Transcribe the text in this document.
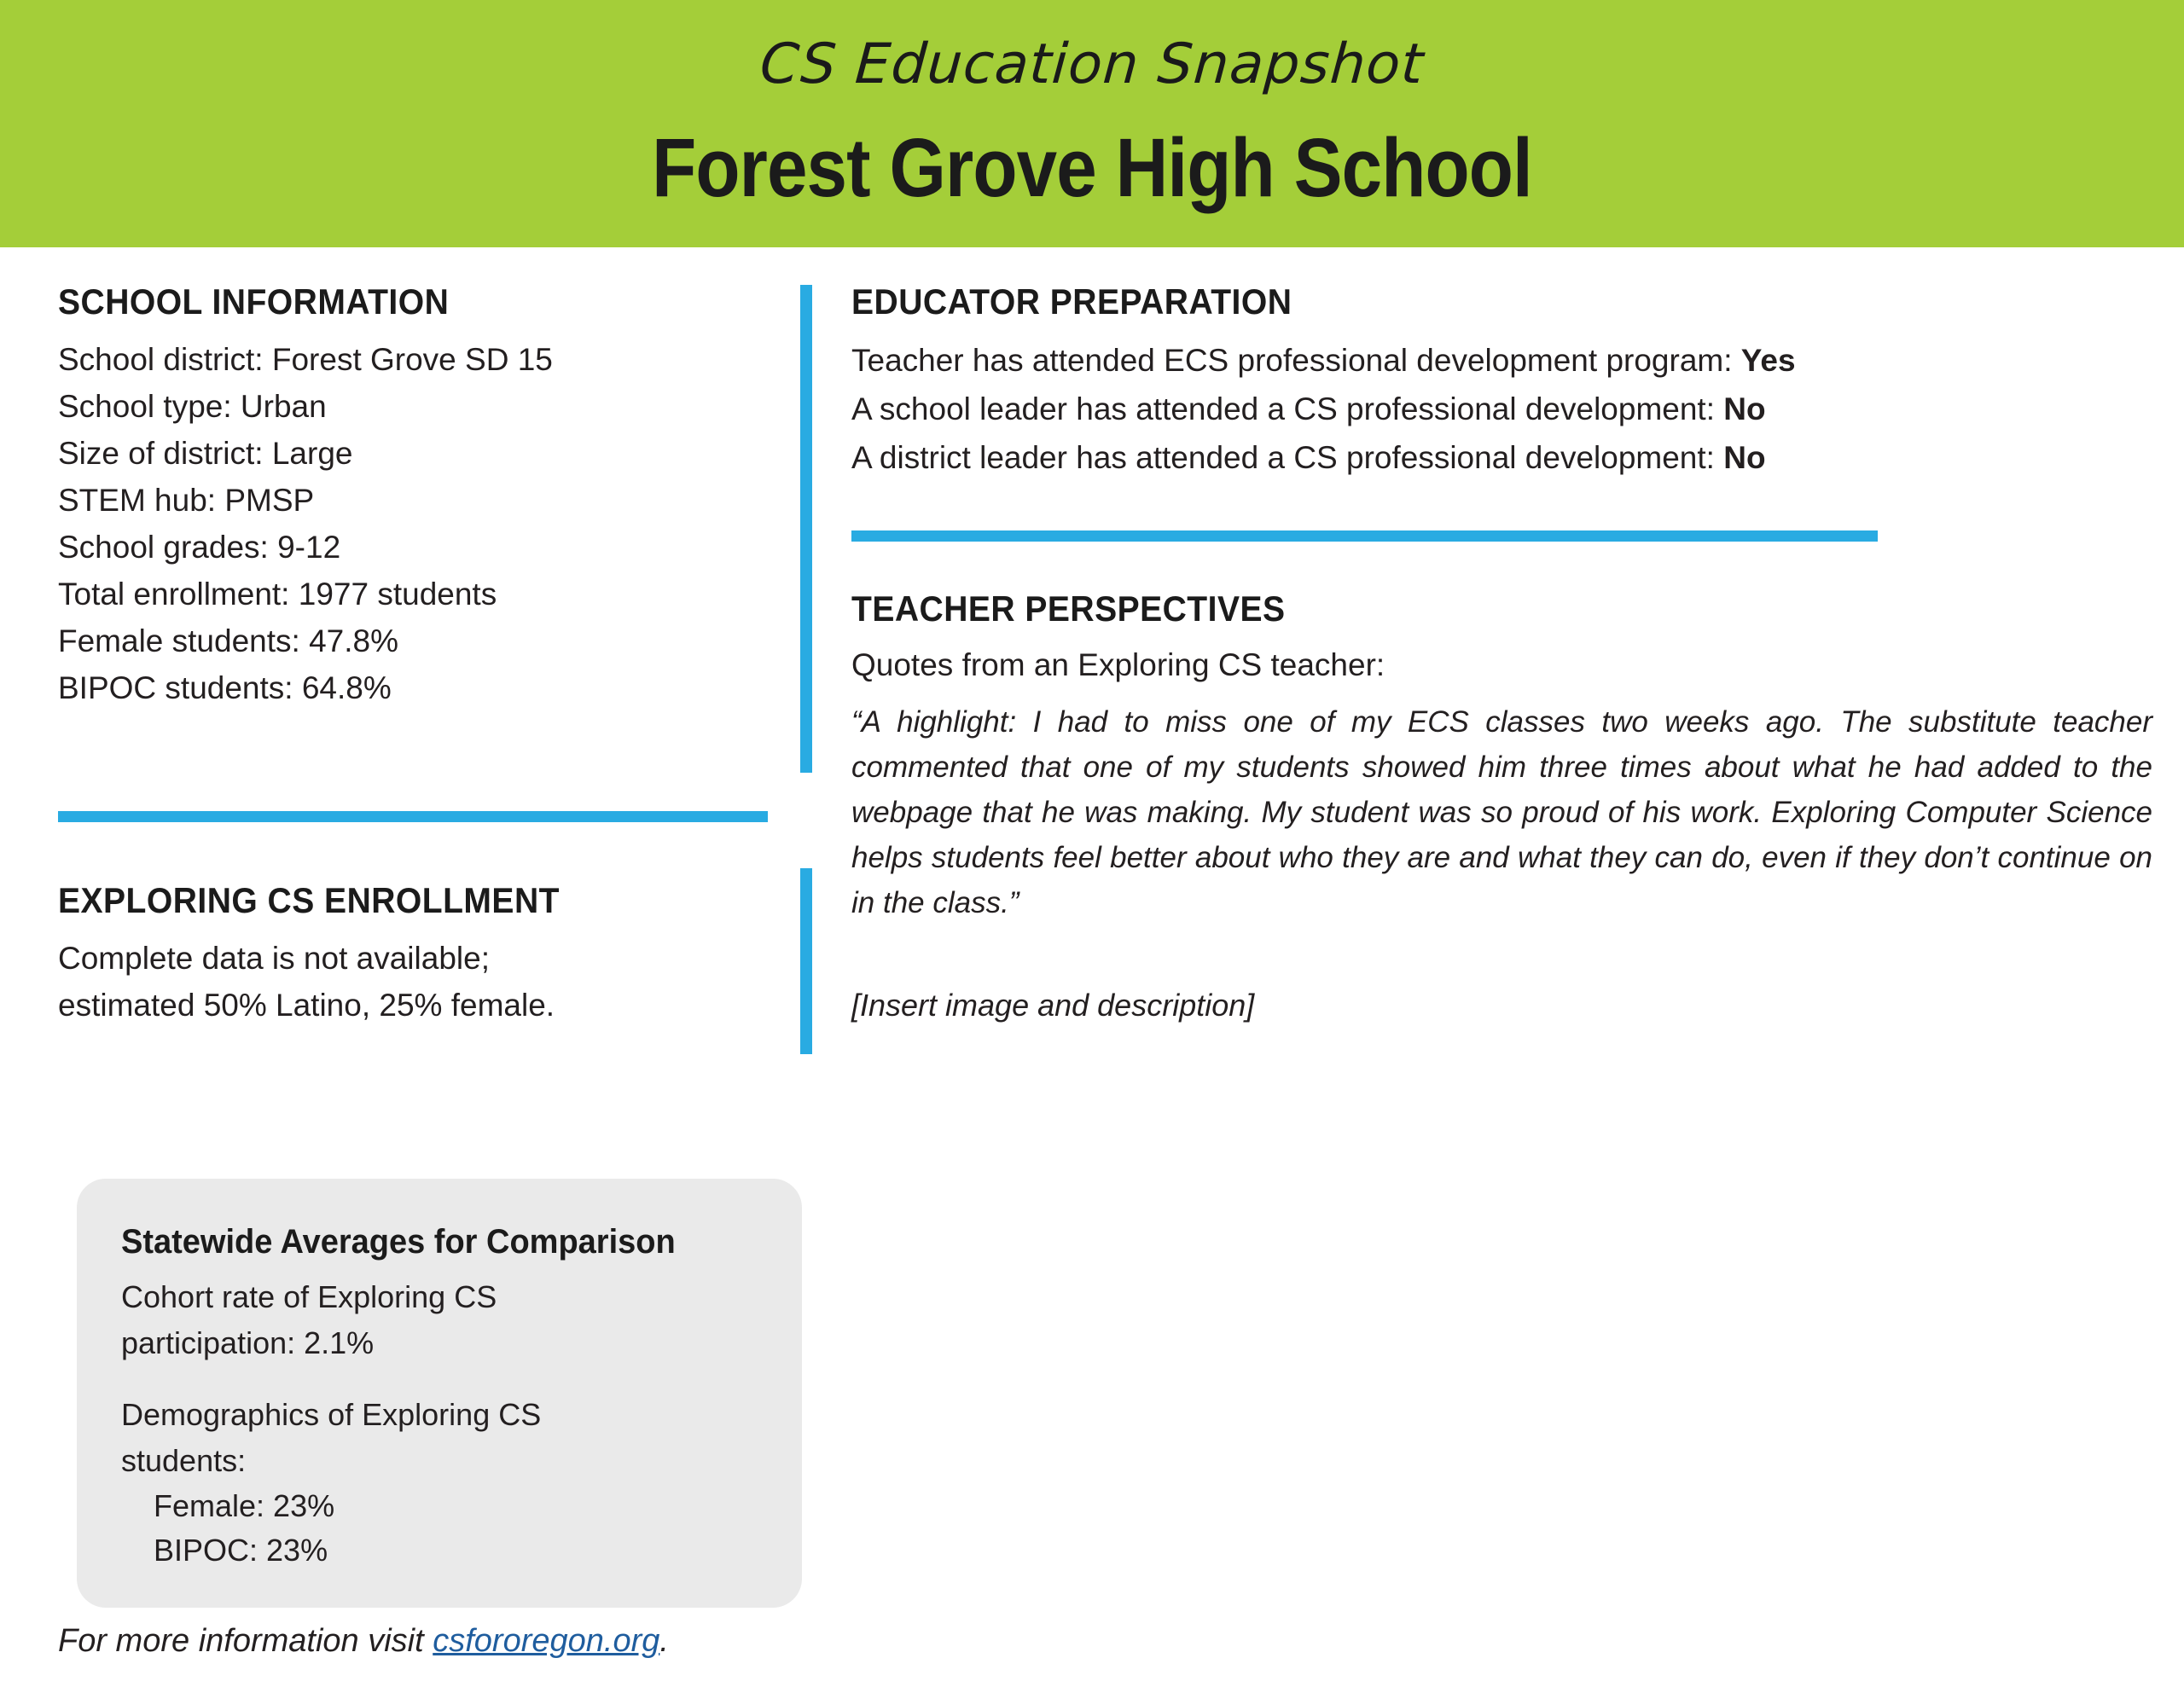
CS Education Snapshot
Forest Grove High School
SCHOOL INFORMATION
School district: Forest Grove SD 15
School type: Urban
Size of district: Large
STEM hub: PMSP
School grades: 9-12
Total enrollment: 1977 students
Female students: 47.8%
BIPOC students: 64.8%
EXPLORING CS ENROLLMENT
Complete data is not available;
estimated 50% Latino, 25% female.
Statewide Averages for Comparison
Cohort rate of Exploring CS
participation: 2.1%
Demographics of Exploring CS
students:
Female: 23%
BIPOC: 23%
For more information visit csfororegon.org.
EDUCATOR PREPARATION
Teacher has attended ECS professional development program: Yes
A school leader has attended a CS professional development: No
A district leader has attended a CS professional development: No
TEACHER PERSPECTIVES
Quotes from an Exploring CS teacher:

“A highlight: I had to miss one of my ECS classes two weeks ago. The substitute teacher commented that one of my students showed him three times about what he had added to the webpage that he was making. My student was so proud of his work. Exploring Computer Science helps students feel better about who they are and what they can do, even if they don’t continue on in the class.”

[Insert image and description]
